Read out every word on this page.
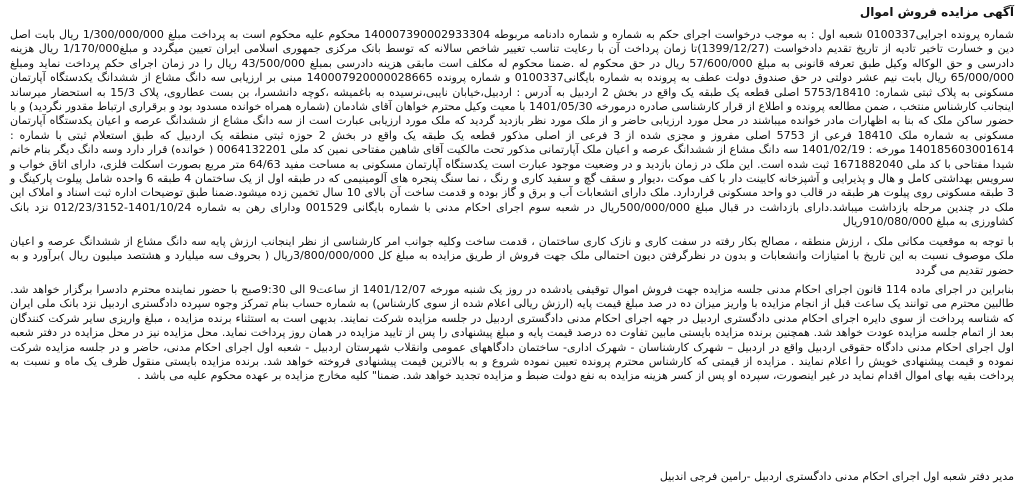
آگهی مزایده فروش اموال

شماره پرونده اجرایی0100337 شعبه اول : به موجب درخواست اجرای حکم به شماره و شماره دادنامه مربوطه 140007390002933304 محکوم علیه محکوم است به پرداخت مبلغ 1/300/000/000 ریال بابت اصل دین و خسارت تاخیر تادیه از تاریخ تقدیم دادخواست (1399/12/27)تا زمان پرداخت آن با رعایت تناسب تغییر شاخص سالانه که توسط بانک مرکزی جمهوری اسلامی ایران تعیین میگردد و مبلغ1/170/000 ریال هزینه دادرسی و حق الوکاله وکیل طبق تعرفه قانونی به مبلغ 57/600/000 ریال در حق محکوم له .ضمنا محکوم له مکلف است مابقی هزینه دادرسی بمبلغ 43/500/000 ریال را در زمان اجرای حکم پرداخت نماید ومبلغ 65/000/000 ریال بابت نیم عشر دولتی در حق صندوق دولت عطف به پرونده به شماره بایگانی0100337 و شماره پرونده 140007920000028665 مبنی بر ارزیابی سه دانگ مشاع از ششدانگ یکدستگاه آپارتمان مسکونی به پلاک ثبتی شماره: 5753/18410 اصلی قطعه یک طبقه یک واقع در بخش 2 اردبیل به آدرس : اردبیل،خیابان نایبی،نرسیده به باغمیشه ،کوچه دانشسرا، بن بست عطاروی، پلاک 15/3 به استحضار میرساند اینجانب کارشناس منتخب ، ضمن مطالعه پرونده و اطلاع از قرار کارشناسی صادره درمورخه 1401/05/30 با معیت وکیل محترم خواهان آقای شادمان (شماره همراه خوانده مسدود بود و برقراری ارتباط مقدور نگردید) و با حضور ساکن ملک که بنا به اظهارات مادر خوانده میباشند در محل مورد ارزیابی حاضر و از ملک مورد نظر بازدید گردید که ملک مورد ارزیابی عبارت است از سه دانگ مشاع از ششدانگ عرصه و اعیان یکدستگاه آپارتمان مسکونی به شماره ملک 18410 فرعی از 5753 اصلی مفروز و مجزی شده از 3 فرعی از اصلی مذکور قطعه یک طبقه یک واقع در بخش 2 حوزه ثبتی منطقه یک اردبیل که طبق استعلام ثبتی با شماره : 140185603001614 مورخه : 1401/02/19 سه دانگ مشاع از ششدانگ عرصه و اعیان ملک آپارتمانی مذکور تحت مالکیت آقای شاهین مفتاحی نمین کد ملی 0064132201 ( خوانده) قرار دارد وسه دانگ دیگر بنام خانم شیدا مفتاحی با کد ملی 1671882040 ثبت شده است. این ملک در زمان بازدید و در وضعیت موجود عبارت است یکدستگاه آپارتمان مسکونی به مساحت مفید 64/63 متر مربع بصورت اسکلت فلزی، دارای اتاق خواب و سرویس بهداشتی کامل و هال و پذیرایی و آشپزخانه کابینت دار با کف موکت ،دیوار و سقف گچ و سفید کاری و رنگ ، نما سنگ پنجره های آلومینیمی که در طبقه اول از یک ساختمان 4 طبقه 6 واحده شامل پیلوت پارکینگ و 3 طبقه مسکونی روی پیلوت هر طبقه در قالب دو واحد مسکونی قراردارد. ملک دارای انشعابات آب و برق و گاز بوده و قدمت ساخت آن بالای 10 سال تخمین زده میشود.ضمنا طبق توضیحات اداره ثبت اسناد و املاک این ملک در چندین مرحله بازداشت میباشد.دارای بازداشت در قبال مبلغ 500/000/000ریال در شعبه سوم اجرای احکام مدنی با شماره بایگانی 001529 ودارای رهن به شماره 1401/10/24-012/23/3152 نزد بانک کشاورزی به مبلغ 910/080/000ریال

با توجه به موقعیت مکانی ملک ، ارزش منطقه ، مصالح بکار رفته در سفت کاری و نازک کاری ساختمان ، قدمت ساخت وکلیه جوانب امر کارشناسی از نظر اینجانب ارزش پایه سه دانگ مشاع از ششدانگ عرصه و اعیان ملک موصوف نسبت به این تاریخ با امتیازات وانشعابات و بدون در نظرگرفتن دیون احتمالی ملک جهت فروش از طریق مزایده به مبلغ کل 3/800/000/000ریال ( بحروف سه میلیارد و هشتصد میلیون ریال )برآورد و به حضور تقدیم می گردد

بنابراین در اجرای ماده 114 قانون اجرای احکام مدنی جلسه مزایده جهت فروش اموال توقیفی یادشده در روز یک شنبه مورخه 1401/12/07 از ساعت9 الی 9:30صبح با حضور نماینده محترم دادسرا برگزار خواهد شد. طالبین محترم می توانند یک ساعت قبل از انجام مزایده با واریز میزان ده در صد مبلغ قیمت پایه (ارزش ریالی اعلام شده از سوی کارشناس) به شماره حساب بنام تمرکز وجوه سپرده دادگستری اردبیل نزد بانک ملی ایران که شناسه پرداخت از سوی دایره اجرای احکام مدنی دادگستری اردبیل در جهه اجرای احکام مدنی دادگستری اردبیل در جلسه مزایده شرکت نمایند. بدیهی است به استثناء برنده مزایده ، مبلغ واریزی سایر شرکت کنندگان بعد از اتمام جلسه مزایده عودت خواهد شد. همچنین برنده مزایده بایستی مابین تفاوت ده درصد قیمت پایه و مبلغ پیشنهادی را پس از تایید مزایده در همان روز پرداخت نماید. محل مزایده نیز در محل مزایده در دفتر شعبه اول اجرای احکام مدنی دادگاه حقوقی اردبیل واقع در اردبیل – شهرک کارشناسان - شهرک اداری- ساختمان دادگاههای عمومی وانقلاب شهرستان اردبیل - شعبه اول اجرای احکام مدنی، حاضر و در جلسه مزایده شرکت نموده و قیمت پیشنهادی خویش را اعلام نمایند . مزایده از قیمتی که کارشناس محترم پرونده تعیین نموده شروع و به بالاترین قیمت پیشنهادی فروخته خواهد شد. برنده مزایده بایستی منقول ظرف یک ماه و نسبت به پرداخت بقیه بهای اموال اقدام نماید در غیر اینصورت، سپرده او پس از کسر هزینه مزایده به نفع دولت ضبط و مزایده تجدید خواهد شد. ضمنا" کلیه مخارج مزایده بر عهده محکوم علیه می باشد .

مدیر دفتر شعبه اول اجرای احکام مدنی دادگستری اردبیل -رامین فرجی اندبیل
